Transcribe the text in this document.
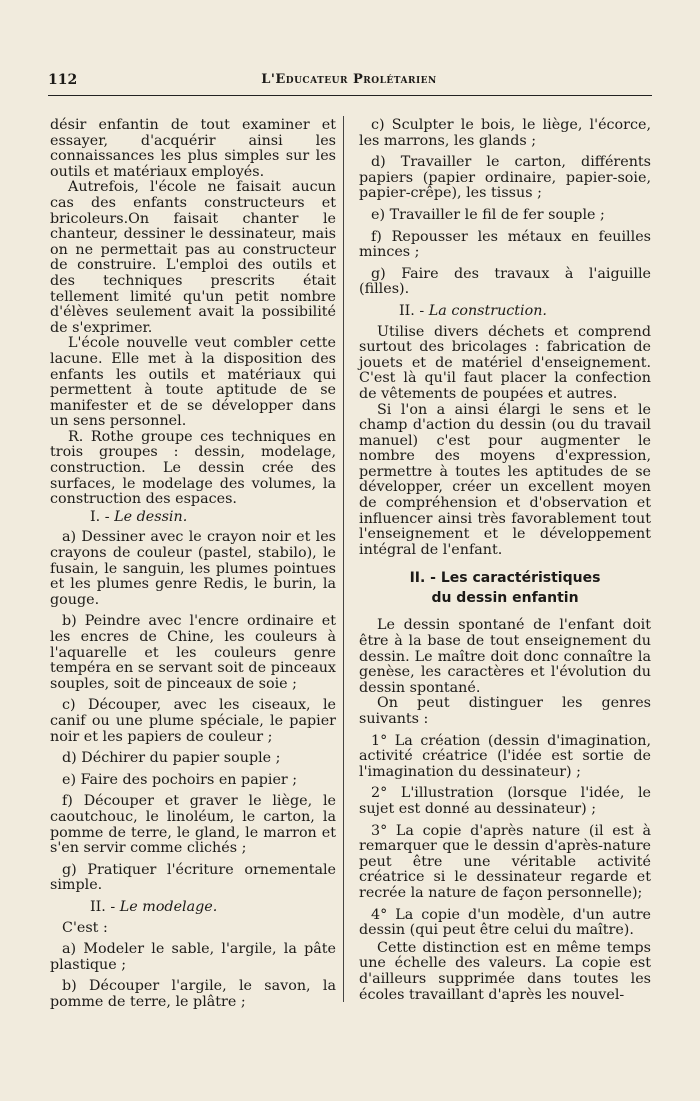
112	L'Educateur Prolétarien

désir enfantin de tout examiner et essayer, d'acquérir ainsi les connaissances les plus simples sur les outils et matériaux employés.

Autrefois, l'école ne faisait aucun cas des enfants constructeurs et bricoleurs.On faisait chanter le chanteur, dessiner le dessinateur, mais on ne permettait pas au constructeur de construire. L'emploi des outils et des techniques prescrits était tellement limité qu'un petit nombre d'élèves seulement avait la possibilité de s'exprimer.

L'école nouvelle veut combler cette lacune. Elle met à la disposition des enfants les outils et matériaux qui permettent à toute aptitude de se manifester et de se développer dans un sens personnel.

R. Rothe groupe ces techniques en trois groupes : dessin, modelage, construction. Le dessin crée des surfaces, le modelage des volumes, la construction des espaces.

I. - Le dessin.

a) Dessiner avec le crayon noir et les crayons de couleur (pastel, stabilo), le fusain, le sanguin, les plumes pointues et les plumes genre Redis, le burin, la gouge.

b) Peindre avec l'encre ordinaire et les encres de Chine, les couleurs à l'aquarelle et les couleurs genre tempéra en se servant soit de pinceaux souples, soit de pinceaux de soie ;

c) Découper, avec les ciseaux, le canif ou une plume spéciale, le papier noir et les papiers de couleur ;

d) Déchirer du papier souple ;

e) Faire des pochoirs en papier ;

f) Découper et graver le liège, le caoutchouc, le linoléum, le carton, la pomme de terre, le gland, le marron et s'en servir comme clichés ;

g) Pratiquer l'écriture ornementale simple.

II. - Le modelage.

C'est :

a) Modeler le sable, l'argile, la pâte plastique ;

b) Découper l'argile, le savon, la pomme de terre, le plâtre ;

c) Sculpter le bois, le liège, l'écorce, les marrons, les glands ;

d) Travailler le carton, différents papiers (papier ordinaire, papier-soie, papier-crêpe), les tissus ;

e) Travailler le fil de fer souple ;

f) Repousser les métaux en feuilles minces ;

g) Faire des travaux à l'aiguille (filles).

II. - La construction.

Utilise divers déchets et comprend surtout des bricolages : fabrication de jouets et de matériel d'enseignement. C'est là qu'il faut placer la confection de vêtements de poupées et autres.

Si l'on a ainsi élargi le sens et le champ d'action du dessin (ou du travail manuel) c'est pour augmenter le nombre des moyens d'expression, permettre à toutes les aptitudes de se développer, créer un excellent moyen de compréhension et d'observation et influencer ainsi très favorablement tout l'enseignement et le développement intégral de l'enfant.

II. - Les caractéristiques
du dessin enfantin

Le dessin spontané de l'enfant doit être à la base de tout enseignement du dessin. Le maître doit donc connaître la genèse, les caractères et l'évolution du dessin spontané.

On peut distinguer les genres suivants :

1° La création (dessin d'imagination, activité créatrice (l'idée est sortie de l'imagination du dessinateur) ;

2° L'illustration (lorsque l'idée, le sujet est donné au dessinateur) ;

3° La copie d'après nature (il est à remarquer que le dessin d'après-nature peut être une véritable activité créatrice si le dessinateur regarde et recrée la nature de façon personnelle);

4° La copie d'un modèle, d'un autre dessin (qui peut être celui du maître).

Cette distinction est en même temps une échelle des valeurs. La copie est d'ailleurs supprimée dans toutes les écoles travaillant d'après les nouvel-
